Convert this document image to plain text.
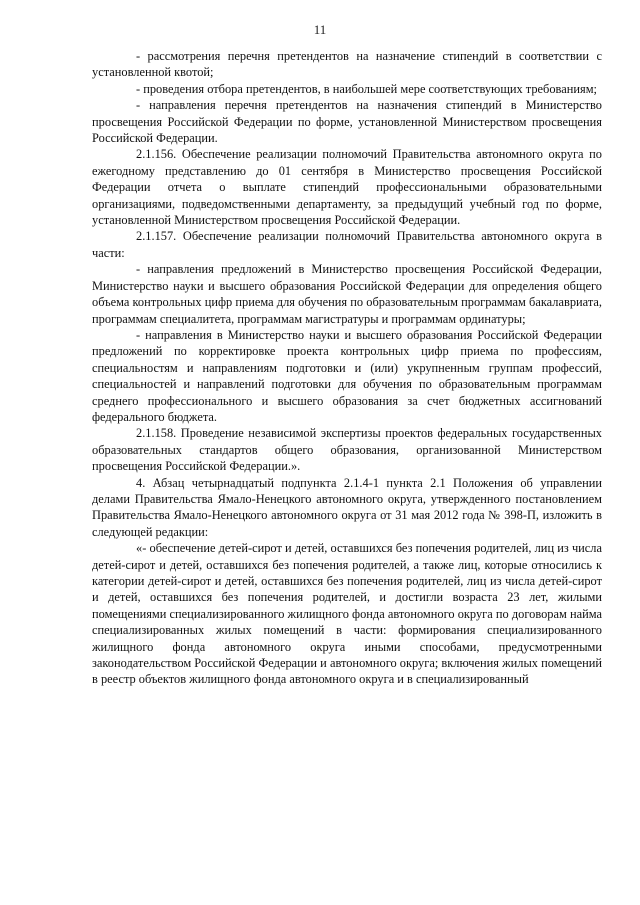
11

- рассмотрения перечня претендентов на назначение стипендий в соответствии с установленной квотой;

- проведения отбора претендентов, в наибольшей мере соответствующих требованиям;

- направления перечня претендентов на назначения стипендий в Министерство просвещения Российской Федерации по форме, установленной Министерством просвещения Российской Федерации.

2.1.156. Обеспечение реализации полномочий Правительства автономного округа по ежегодному представлению до 01 сентября в Министерство просвещения Российской Федерации отчета о выплате стипендий профессиональными образовательными организациями, подведомственными департаменту, за предыдущий учебный год по форме, установленной Министерством просвещения Российской Федерации.

2.1.157. Обеспечение реализации полномочий Правительства автономного округа в части:

- направления предложений в Министерство просвещения Российской Федерации, Министерство науки и высшего образования Российской Федерации для определения общего объема контрольных цифр приема для обучения по образовательным программам бакалавриата, программам специалитета, программам магистратуры и программам ординатуры;

- направления в Министерство науки и высшего образования Российской Федерации предложений по корректировке проекта контрольных цифр приема по профессиям, специальностям и направлениям подготовки и (или) укрупненным группам профессий, специальностей и направлений подготовки для обучения по образовательным программам среднего профессионального и высшего образования за счет бюджетных ассигнований федерального бюджета.

2.1.158. Проведение независимой экспертизы проектов федеральных государственных образовательных стандартов общего образования, организованной Министерством просвещения Российской Федерации.».

4. Абзац четырнадцатый подпункта 2.1.4-1 пункта 2.1 Положения об управлении делами Правительства Ямало-Ненецкого автономного округа, утвержденного постановлением Правительства Ямало-Ненецкого автономного округа от 31 мая 2012 года № 398-П, изложить в следующей редакции:

«- обеспечение детей-сирот и детей, оставшихся без попечения родителей, лиц из числа детей-сирот и детей, оставшихся без попечения родителей, а также лиц, которые относились к категории детей-сирот и детей, оставшихся без попечения родителей, лиц из числа детей-сирот и детей, оставшихся без попечения родителей, и достигли возраста 23 лет, жилыми помещениями специализированного жилищного фонда автономного округа по договорам найма специализированных жилых помещений в части: формирования специализированного жилищного фонда автономного округа иными способами, предусмотренными законодательством Российской Федерации и автономного округа; включения жилых помещений в реестр объектов жилищного фонда автономного округа и в специализированный
